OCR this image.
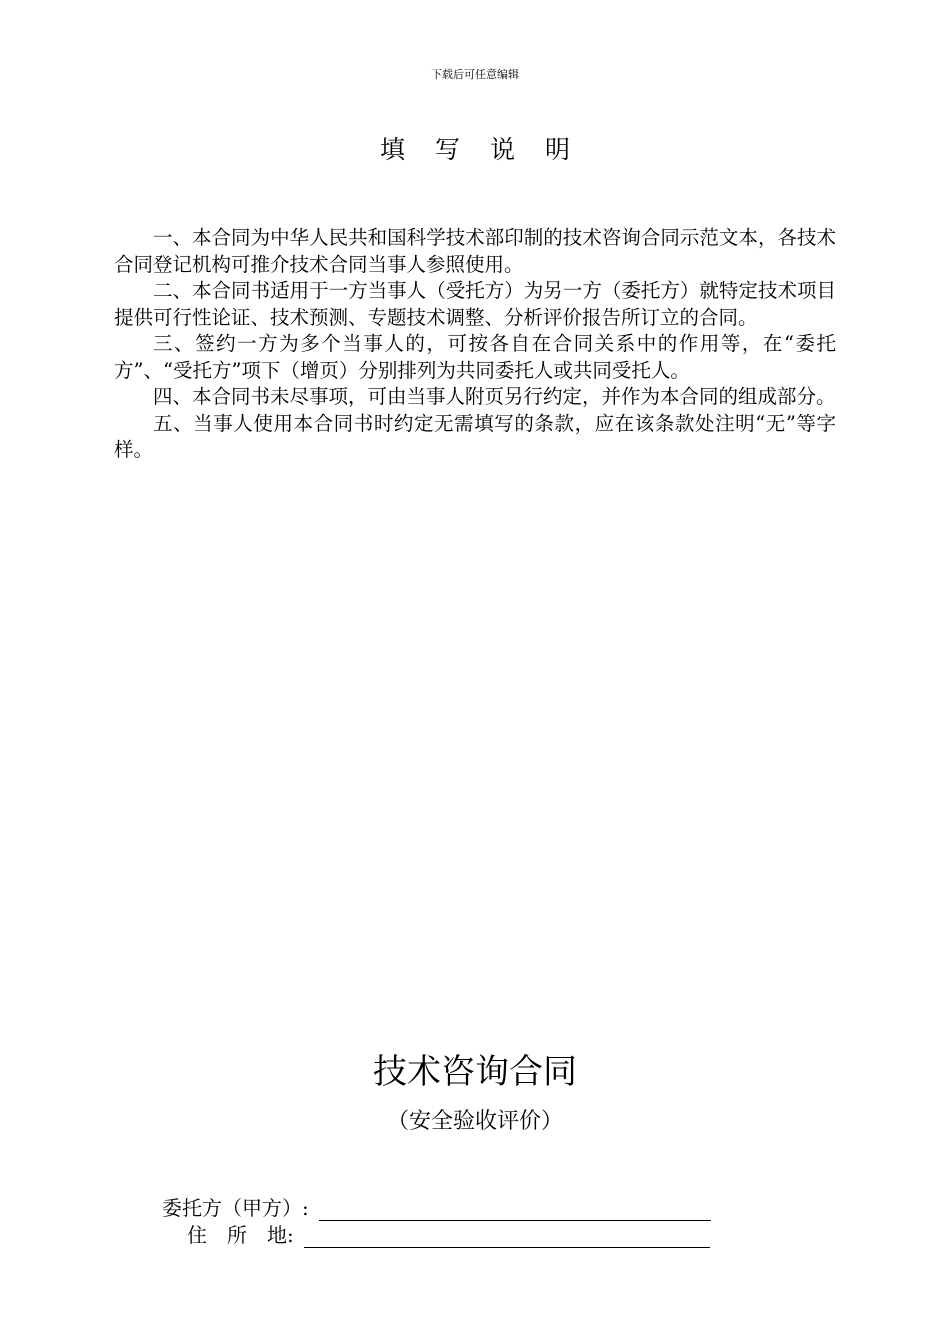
下载后可任意编辑
填写说明

一、本合同为中华人民共和国科学技术部印制的技术咨询合同示范文本，各技术合同登记机构可推介技术合同当事人参照使用。

二、本合同书适用于一方当事人（受托方）为另一方（委托方）就特定技术项目提供可行性论证、技术预测、专题技术调整、分析评价报告所订立的合同。

三、签约一方为多个当事人的，可按各自在合同关系中的作用等，在“委托方”、“受托方”项下（增页）分别排列为共同委托人或共同受托人。

四、本合同书未尽事项，可由当事人附页另行约定，并作为本合同的组成部分。

五、当事人使用本合同书时约定无需填写的条款，应在该条款处注明“无”等字样。

技术咨询合同
（安全验收评价）
委托方（甲方）:
住　所　地:
